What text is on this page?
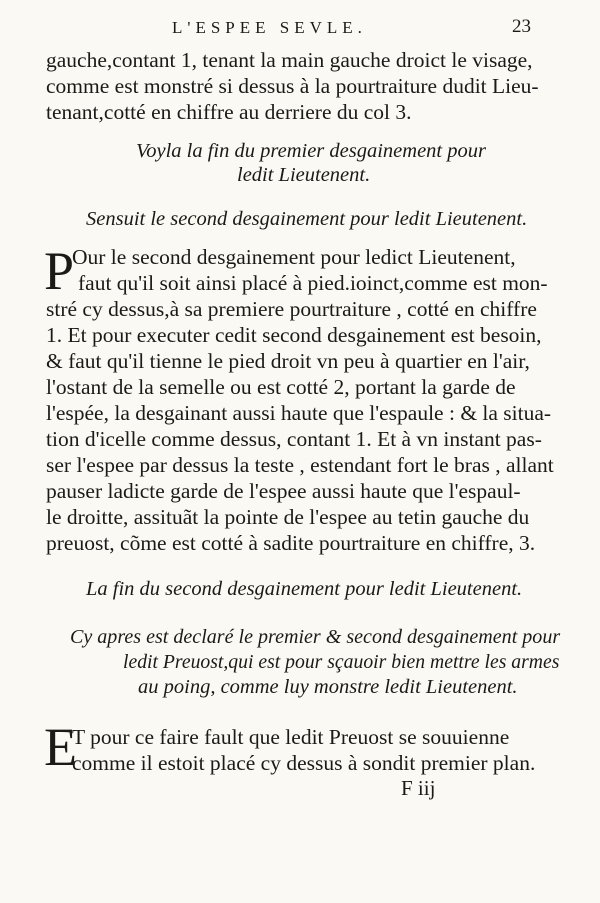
L'ESPEE SEVLE.	23
gauche,contant 1, tenant la main gauche droict le visage,
comme est monstré si dessus à la pourtraiture dudit Lieu-
tenant,cotté en chiffre au derriere du col 3.
Voyla la fin du premier desgainement pour
ledit Lieutenent.
Sensuit le second desgainement pour ledit Lieutenent.
P
Our le second desgainement pour ledict Lieutenent,
faut qu'il soit ainsi placé à pied.ioinct,comme est mon-
stré cy dessus,à sa premiere pourtraiture , cotté en chiffre
1. Et pour executer cedit second desgainement est besoin,
& faut qu'il tienne le pied droit vn peu à quartier en l'air,
l'ostant de la semelle ou est cotté 2, portant la garde de
l'espée, la desgainant aussi haute que l'espaule : & la situa-
tion d'icelle comme dessus, contant 1. Et à vn instant pas-
ser l'espee par dessus la teste , estendant fort le bras , allant
pauser ladicte garde de l'espee aussi haute que l'espaul-
le droitte, assituãt la pointe de l'espee au tetin gauche du
preuost, cõme est cotté à sadite pourtraiture en chiffre, 3.
La fin du second desgainement pour ledit Lieutenent.
Cy apres est declaré le premier & second desgainement pour
ledit Preuost,qui est pour sçauoir bien mettre les armes
au poing, comme luy monstre ledit Lieutenent.
E
T pour ce faire fault que ledit Preuost se souuienne
comme il estoit placé cy dessus à sondit premier plan.
F iij
